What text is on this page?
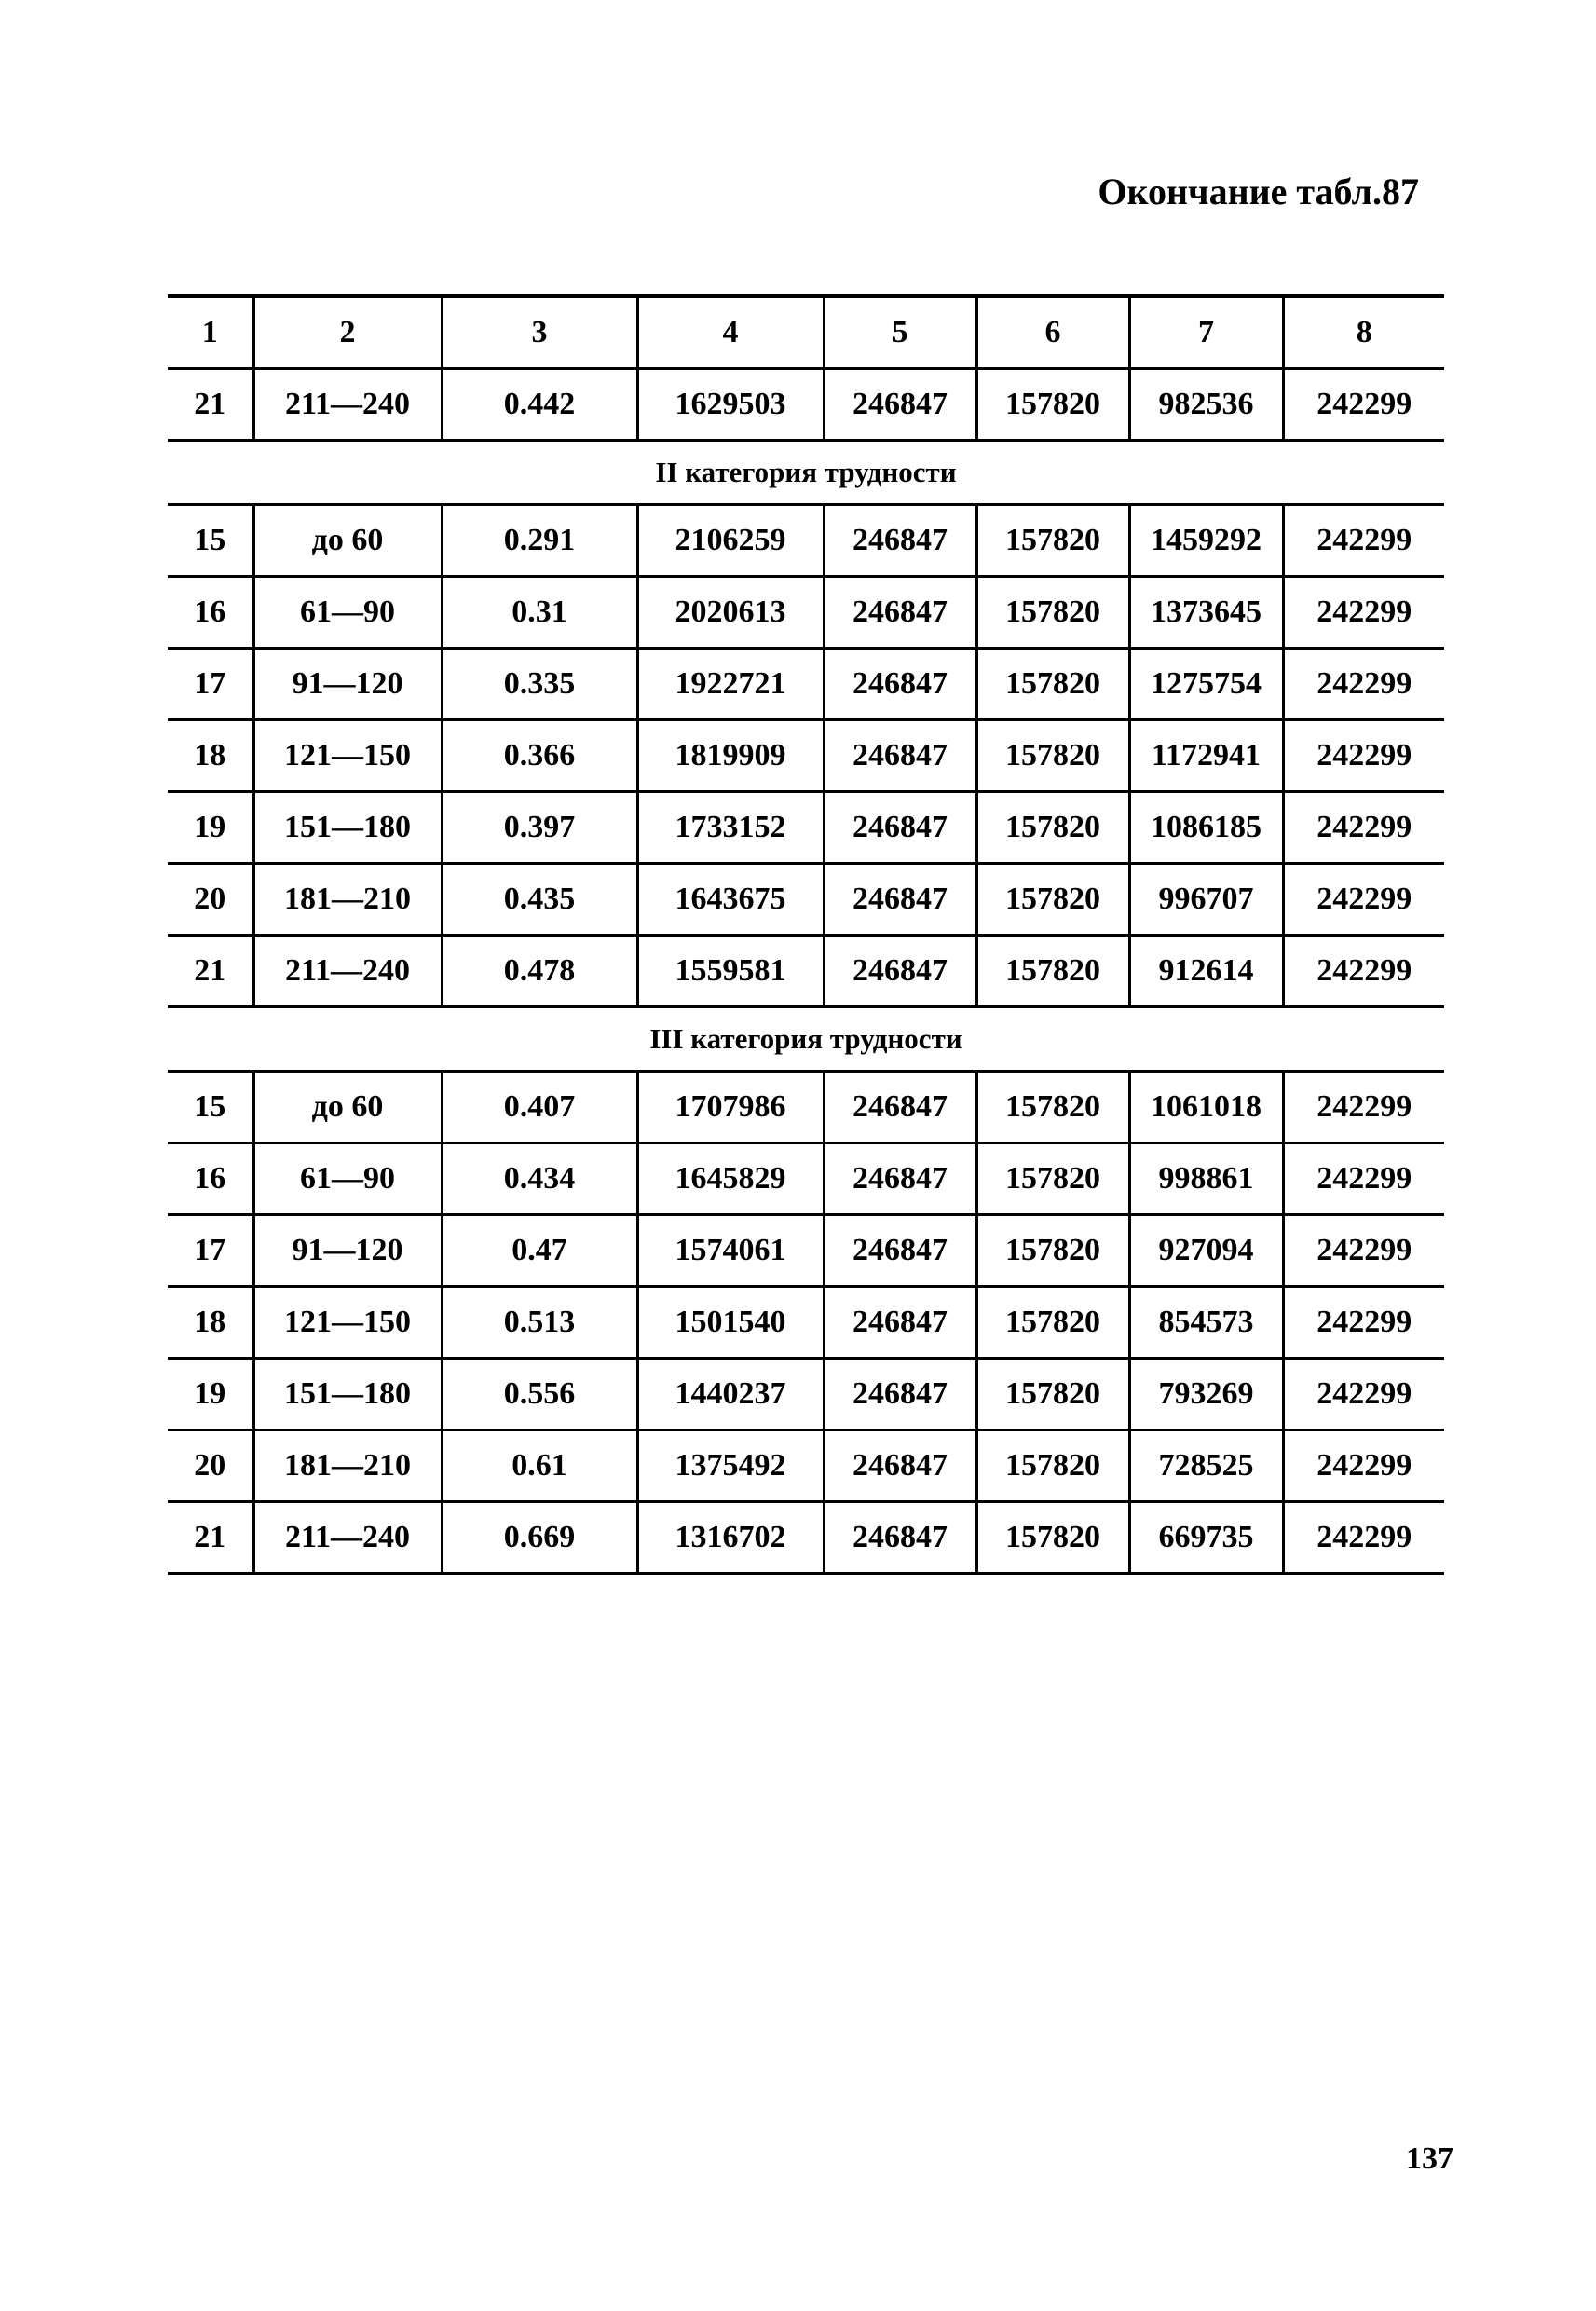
Окончание табл.87
1	2	3	4	5	6	7	8
21	211—240	0.442	1629503	246847	157820	982536	242299
II категория трудности							
15	до 60	0.291	2106259	246847	157820	1459292	242299
16	61—90	0.31	2020613	246847	157820	1373645	242299
17	91—120	0.335	1922721	246847	157820	1275754	242299
18	121—150	0.366	1819909	246847	157820	1172941	242299
19	151—180	0.397	1733152	246847	157820	1086185	242299
20	181—210	0.435	1643675	246847	157820	996707	242299
21	211—240	0.478	1559581	246847	157820	912614	242299
III категория трудности							
15	до 60	0.407	1707986	246847	157820	1061018	242299
16	61—90	0.434	1645829	246847	157820	998861	242299
17	91—120	0.47	1574061	246847	157820	927094	242299
18	121—150	0.513	1501540	246847	157820	854573	242299
19	151—180	0.556	1440237	246847	157820	793269	242299
20	181—210	0.61	1375492	246847	157820	728525	242299
21	211—240	0.669	1316702	246847	157820	669735	242299
137
